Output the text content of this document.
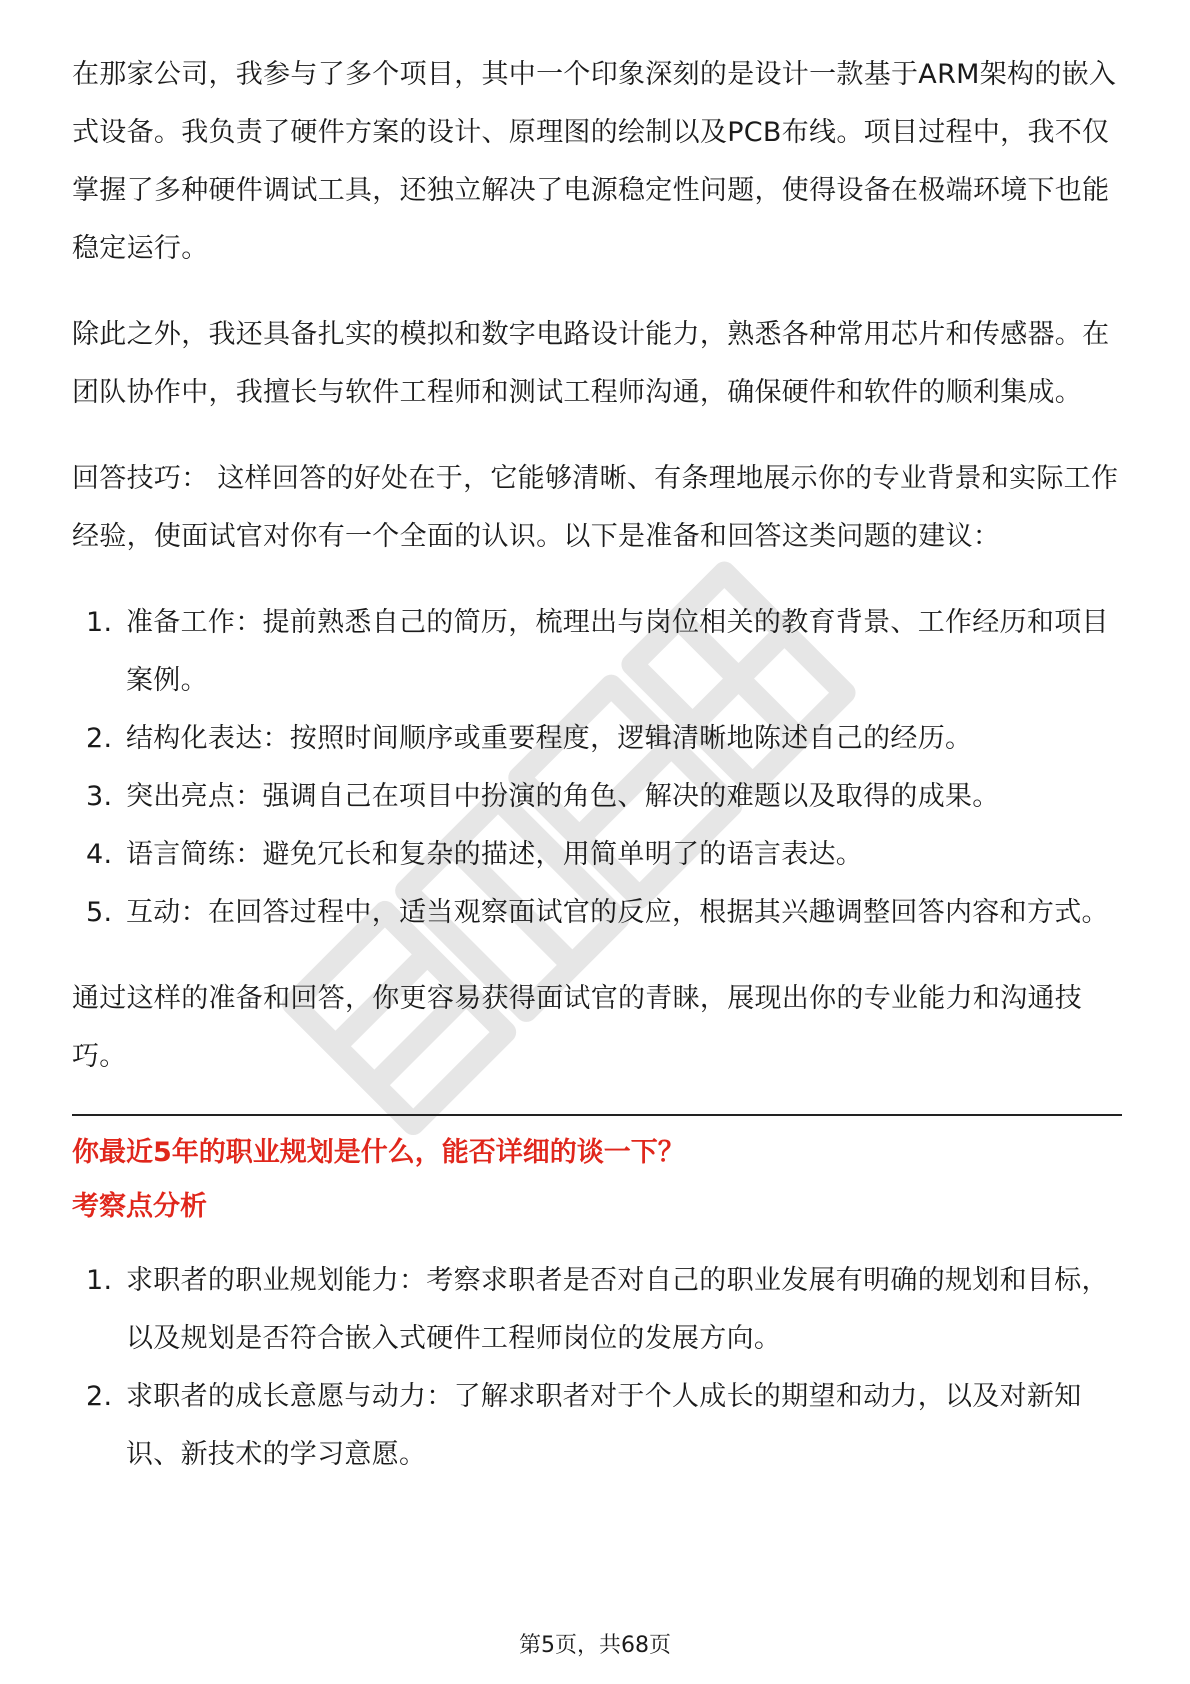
在那家公司，我参与了多个项目，其中一个印象深刻的是设计一款基于ARM架构的嵌入式设备。我负责了硬件方案的设计、原理图的绘制以及PCB布线。项目过程中，我不仅掌握了多种硬件调试工具，还独立解决了电源稳定性问题，使得设备在极端环境下也能稳定运行。

除此之外，我还具备扎实的模拟和数字电路设计能力，熟悉各种常用芯片和传感器。在团队协作中，我擅长与软件工程师和测试工程师沟通，确保硬件和软件的顺利集成。

回答技巧： 这样回答的好处在于，它能够清晰、有条理地展示你的专业背景和实际工作经验，使面试官对你有一个全面的认识。以下是准备和回答这类问题的建议：

1. 准备工作：提前熟悉自己的简历，梳理出与岗位相关的教育背景、工作经历和项目案例。
2. 结构化表达：按照时间顺序或重要程度，逻辑清晰地陈述自己的经历。
3. 突出亮点：强调自己在项目中扮演的角色、解决的难题以及取得的成果。
4. 语言简练：避免冗长和复杂的描述，用简单明了的语言表达。
5. 互动：在回答过程中，适当观察面试官的反应，根据其兴趣调整回答内容和方式。

通过这样的准备和回答，你更容易获得面试官的青睐，展现出你的专业能力和沟通技巧。

你最近5年的职业规划是什么，能否详细的谈一下？

考察点分析

1. 求职者的职业规划能力：考察求职者是否对自己的职业发展有明确的规划和目标，以及规划是否符合嵌入式硬件工程师岗位的发展方向。
2. 求职者的成长意愿与动力：了解求职者对于个人成长的期望和动力，以及对新知识、新技术的学习意愿。
第5页，共68页
